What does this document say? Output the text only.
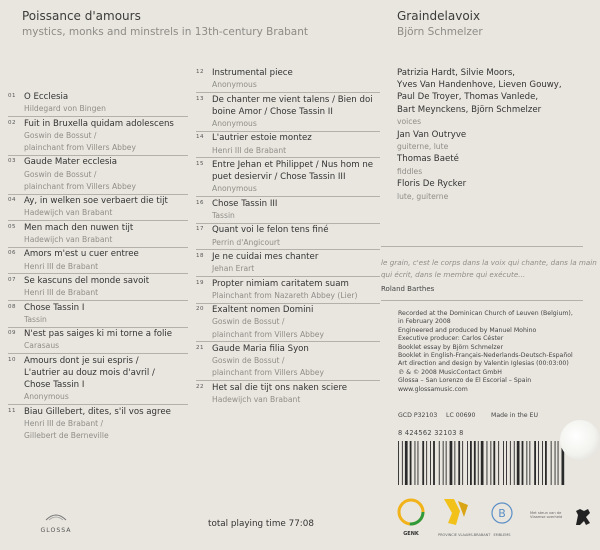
Poissance d'amours
mystics, monks and minstrels in 13th-century Brabant
Graindelavoix
Björn Schmelzer
01 O Ecclesia
Hildegard von Bingen
02 Fuit in Bruxella quidam adolescens
Goswin de Bossut /
plainchant from Villers Abbey
03 Gaude Mater ecclesia
Goswin de Bossut /
plainchant from Villers Abbey
04 Ay, in welken soe verbaert die tijt
Hadewijch van Brabant
05 Men mach den nuwen tijt
Hadewijch van Brabant
06 Amors m'est u cuer entree
Henri III de Brabant
07 Se kascuns del monde savoit
Henri III de Brabant
08 Chose Tassin I
Tassin
09 N'est pas saiges ki mi torne a folie
Carasaus
10 Amours dont je sui espris /
L'autrier au douz mois d'avril /
Chose Tassin I
Anonymous
11 Biau Gillebert, dites, s'il vos agree
Henri III de Brabant /
Gillebert de Berneville
12 Instrumental piece
Anonymous
13 De chanter me vient talens / Bien doi
boine Amor / Chose Tassin II
Anonymous
14 L'autrier estoie montez
Henri III de Brabant
15 Entre Jehan et Philippet / Nus hom ne
puet desiervir / Chose Tassin III
Anonymous
16 Chose Tassin III
Tassin
17 Quant voi le felon tens finé
Perrin d'Angicourt
18 Je ne cuidai mes chanter
Jehan Erart
19 Propter nimiam caritatem suam
Plainchant from Nazareth Abbey (Lier)
20 Exaltent nomen Domini
Goswin de Bossut /
plainchant from Villers Abbey
21 Gaude Maria filia Syon
Goswin de Bossut /
plainchant from Villers Abbey
22 Het sal die tijt ons naken sciere
Hadewijch van Brabant
Patrizia Hardt, Silvie Moors,
Yves Van Handenhove, Lieven Gouwy,
Paul De Troyer, Thomas Vanlede,
Bart Meynckens, Björn Schmelzer
voices
Jan Van Outryve
guiterne, lute
Thomas Baeté
fiddles
Floris De Rycker
lute, guiterne
le grain, c'est le corps dans la voix qui chante, dans la main
qui écrit, dans le membre qui exécute...
Roland Barthes
Recorded at the Dominican Church of Leuven (Belgium),
in February 2008
Engineered and produced by Manuel Mohino
Executive producer: Carlos Céster
Booklet essay by Björn Schmelzer
Booklet in English-Français-Nederlands-Deutsch-Español
Art direction and design by Valentin Iglesias (00:03:00)
℗ & © 2008 MusicContact GmbH
Glossa – San Lorenzo de El Escorial – Spain
www.glossamusic.com
GCD P32103 LC 00690	Made in the EU
8 424562 32103 8
total playing time 77:08
GLOSSA	GENK	PROVINCIE VLAAMS-BRABANT
B
EMBLEMS
Met steun van de Vlaamse overheid
